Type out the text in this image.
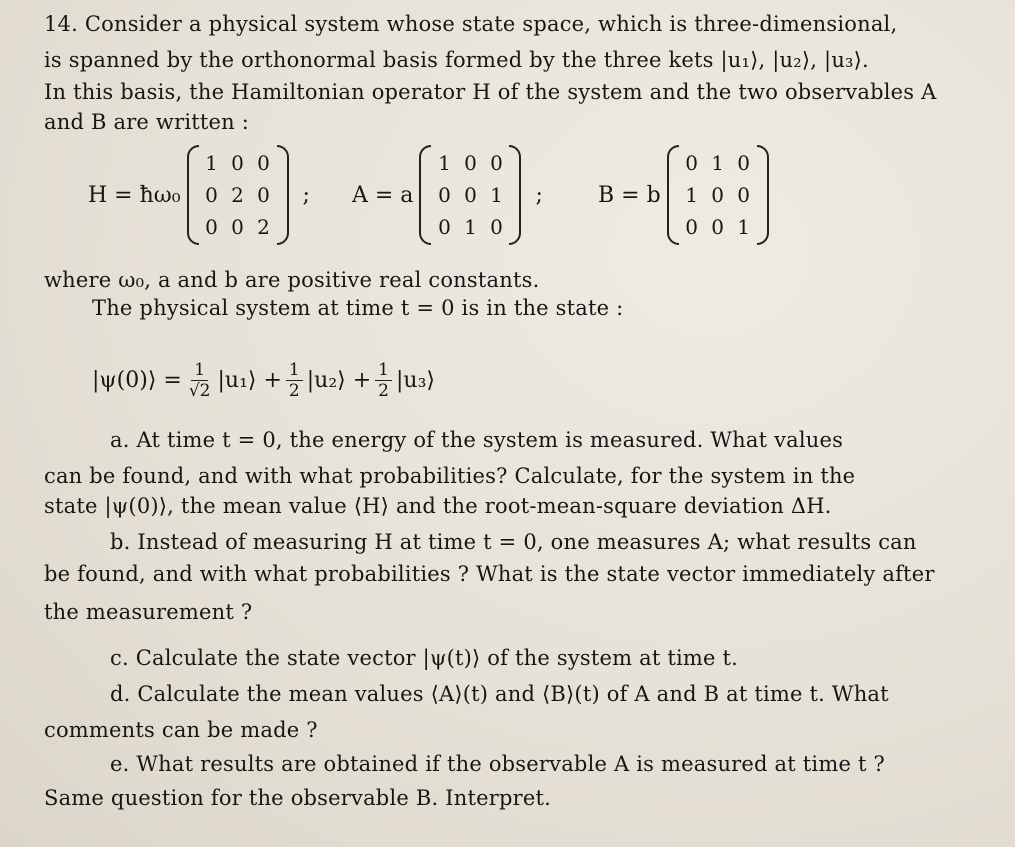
14. Consider a physical system whose state space, which is three-dimensional,
is spanned by the orthonormal basis formed by the three kets |u₁⟩, |u₂⟩, |u₃⟩.
In this basis, the Hamiltonian operator H of the system and the two observables A
and B are written :
H = ħω₀
1 0 0
0 2 0
0 0 2
; A = a
1 0 0
0 0 1
0 1 0
;	B = b
0 1 0
1 0 0
0 0 1
where ω₀, a and b are positive real constants.
The physical system at time t = 0 is in the state :
|ψ(0)⟩ = $\frac{1}{√2}$ |u₁⟩ + $\frac{1}{2}$ |u₂⟩ + $\frac{1}{2}$ |u₃⟩
a. At time t = 0, the energy of the system is measured. What values
can be found, and with what probabilities? Calculate, for the system in the
state |ψ(0)⟩, the mean value ⟨H⟩ and the root-mean-square deviation ΔH.
b. Instead of measuring H at time t = 0, one measures A; what results can
be found, and with what probabilities ? What is the state vector immediately after
the measurement ?
c. Calculate the state vector |ψ(t)⟩ of the system at time t.
d. Calculate the mean values ⟨A⟩(t) and ⟨B⟩(t) of A and B at time t. What
comments can be made ?
e. What results are obtained if the observable A is measured at time t ?
Same question for the observable B. Interpret.
